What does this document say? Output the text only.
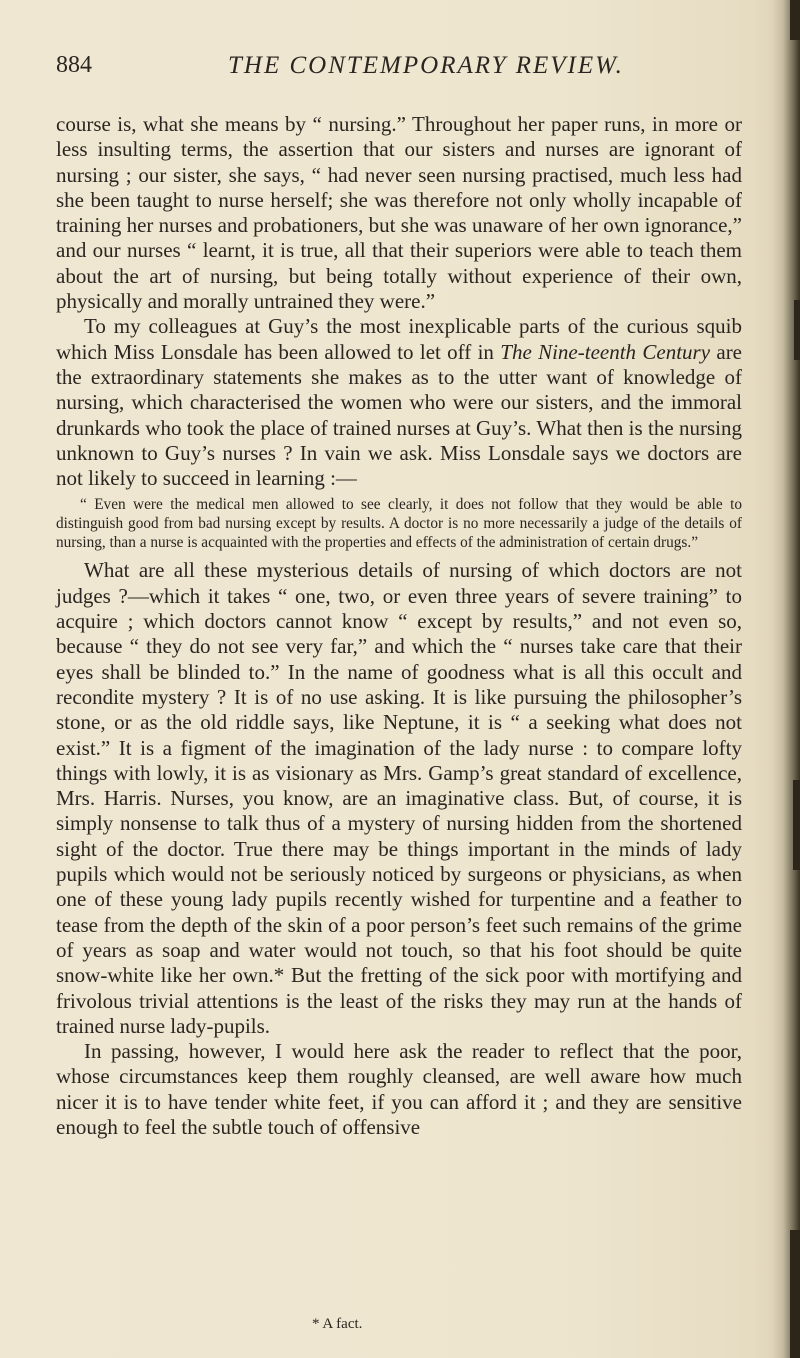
884	THE CONTEMPORARY REVIEW.

course is, what she means by “ nursing.” Throughout her paper runs, in more or less insulting terms, the assertion that our sisters and nurses are ignorant of nursing ; our sister, she says, “ had never seen nursing practised, much less had she been taught to nurse herself; she was therefore not only wholly incapable of training her nurses and probationers, but she was unaware of her own ignorance,” and our nurses “ learnt, it is true, all that their superiors were able to teach them about the art of nursing, but being totally without experience of their own, physically and morally untrained they were.”

To my colleagues at Guy’s the most inexplicable parts of the curious squib which Miss Lonsdale has been allowed to let off in The Nine-teenth Century are the extraordinary statements she makes as to the utter want of knowledge of nursing, which characterised the women who were our sisters, and the immoral drunkards who took the place of trained nurses at Guy’s. What then is the nursing unknown to Guy’s nurses ? In vain we ask. Miss Lonsdale says we doctors are not likely to succeed in learning :—

“ Even were the medical men allowed to see clearly, it does not follow that they would be able to distinguish good from bad nursing except by results. A doctor is no more necessarily a judge of the details of nursing, than a nurse is acquainted with the properties and effects of the administration of certain drugs.”

What are all these mysterious details of nursing of which doctors are not judges ?—which it takes “ one, two, or even three years of severe training” to acquire ; which doctors cannot know “ except by results,” and not even so, because “ they do not see very far,” and which the “ nurses take care that their eyes shall be blinded to.” In the name of goodness what is all this occult and recondite mystery ? It is of no use asking. It is like pursuing the philosopher’s stone, or as the old riddle says, like Neptune, it is “ a seeking what does not exist.” It is a figment of the imagination of the lady nurse : to compare lofty things with lowly, it is as visionary as Mrs. Gamp’s great standard of excellence, Mrs. Harris. Nurses, you know, are an imaginative class. But, of course, it is simply nonsense to talk thus of a mystery of nursing hidden from the shortened sight of the doctor. True there may be things important in the minds of lady pupils which would not be seriously noticed by surgeons or physicians, as when one of these young lady pupils recently wished for turpentine and a feather to tease from the depth of the skin of a poor person’s feet such remains of the grime of years as soap and water would not touch, so that his foot should be quite snow-white like her own.* But the fretting of the sick poor with mortifying and frivolous trivial attentions is the least of the risks they may run at the hands of trained nurse lady-pupils.

In passing, however, I would here ask the reader to reflect that the poor, whose circumstances keep them roughly cleansed, are well aware how much nicer it is to have tender white feet, if you can afford it ; and they are sensitive enough to feel the subtle touch of offensive

* A fact.
